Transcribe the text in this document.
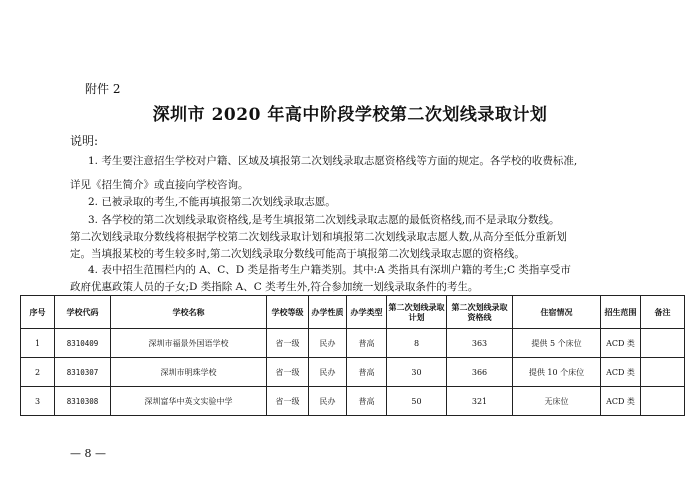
附件 2
深圳市 2020 年高中阶段学校第二次划线录取计划
说明:
1. 考生要注意招生学校对户籍、区域及填报第二次划线录取志愿资格线等方面的规定。各学校的收费标准,
详见《招生简介》或直接向学校咨询。
2. 已被录取的考生,不能再填报第二次划线录取志愿。
3. 各学校的第二次划线录取资格线,是考生填报第二次划线录取志愿的最低资格线,而不是录取分数线。
第二次划线录取分数线将根据学校第二次划线录取计划和填报第二次划线录取志愿人数,从高分至低分重新划
定。当填报某校的考生较多时,第二次划线录取分数线可能高于填报第二次划线录取志愿的资格线。
4. 表中招生范围栏内的 A、C、D 类是指考生户籍类别。其中:A 类指具有深圳户籍的考生;C 类指享受市
政府优惠政策人员的子女;D 类指除 A、C 类考生外,符合参加统一划线录取条件的考生。
序号	学校代码	学校名称	学校等级	办学性质	办学类型	第二次划线录取计划	第二次划线录取资格线	住宿情况	招生范围	备注
1	8310409	深圳市福景外国语学校	省一级	民办	普高	8	363	提供 5 个床位	ACD 类	
2	8310307	深圳市明珠学校	省一级	民办	普高	30	366	提供 10 个床位	ACD 类	
3	8310308	深圳富华中英文实验中学	省一级	民办	普高	50	321	无床位	ACD 类	
— 8 —
